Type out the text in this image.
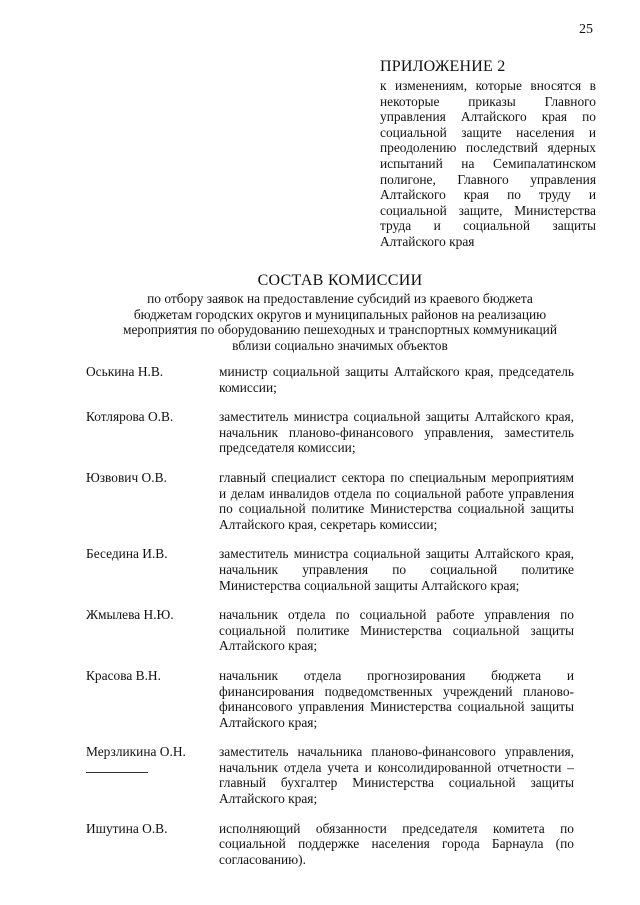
25
ПРИЛОЖЕНИЕ 2
к изменениям, которые вносятся в некоторые приказы Главного управления Алтайского края по социальной защите населения и преодолению последствий ядерных испытаний на Семипалатинском полигоне, Главного управления Алтайского края по труду и социальной защите, Министерства труда и социальной защиты Алтайского края
СОСТАВ КОМИССИИ
по отбору заявок на предоставление субсидий из краевого бюджета бюджетам городских округов и муниципальных районов на реализацию мероприятия по оборудованию пешеходных и транспортных коммуникаций вблизи социально значимых объектов
Оськина Н.В.	министр социальной защиты Алтайского края, председатель комиссии;
Котлярова О.В.	заместитель министра социальной защиты Алтайского края, начальник планово-финансового управления, заместитель председателя комиссии;
Юзвович О.В.	главный специалист сектора по специальным мероприятиям и делам инвалидов отдела по социальной работе управления по социальной политике Министерства социальной защиты Алтайского края, секретарь комиссии;
Беседина И.В.	заместитель министра социальной защиты Алтайского края, начальник управления по социальной политике Министерства социальной защиты Алтайского края;
Жмылева Н.Ю.	начальник отдела по социальной работе управления по социальной политике Министерства социальной защиты Алтайского края;
Красова В.Н.	начальник отдела прогнозирования бюджета и финансирования подведомственных учреждений планово-финансового управления Министерства социальной защиты Алтайского края;
Мерзликина О.Н.	заместитель начальника планово-финансового управления, начальник отдела учета и консолидированной отчетности – главный бухгалтер Министерства социальной защиты Алтайского края;
Ишутина О.В.	исполняющий обязанности председателя комитета по социальной поддержке населения города Барнаула (по согласованию).
